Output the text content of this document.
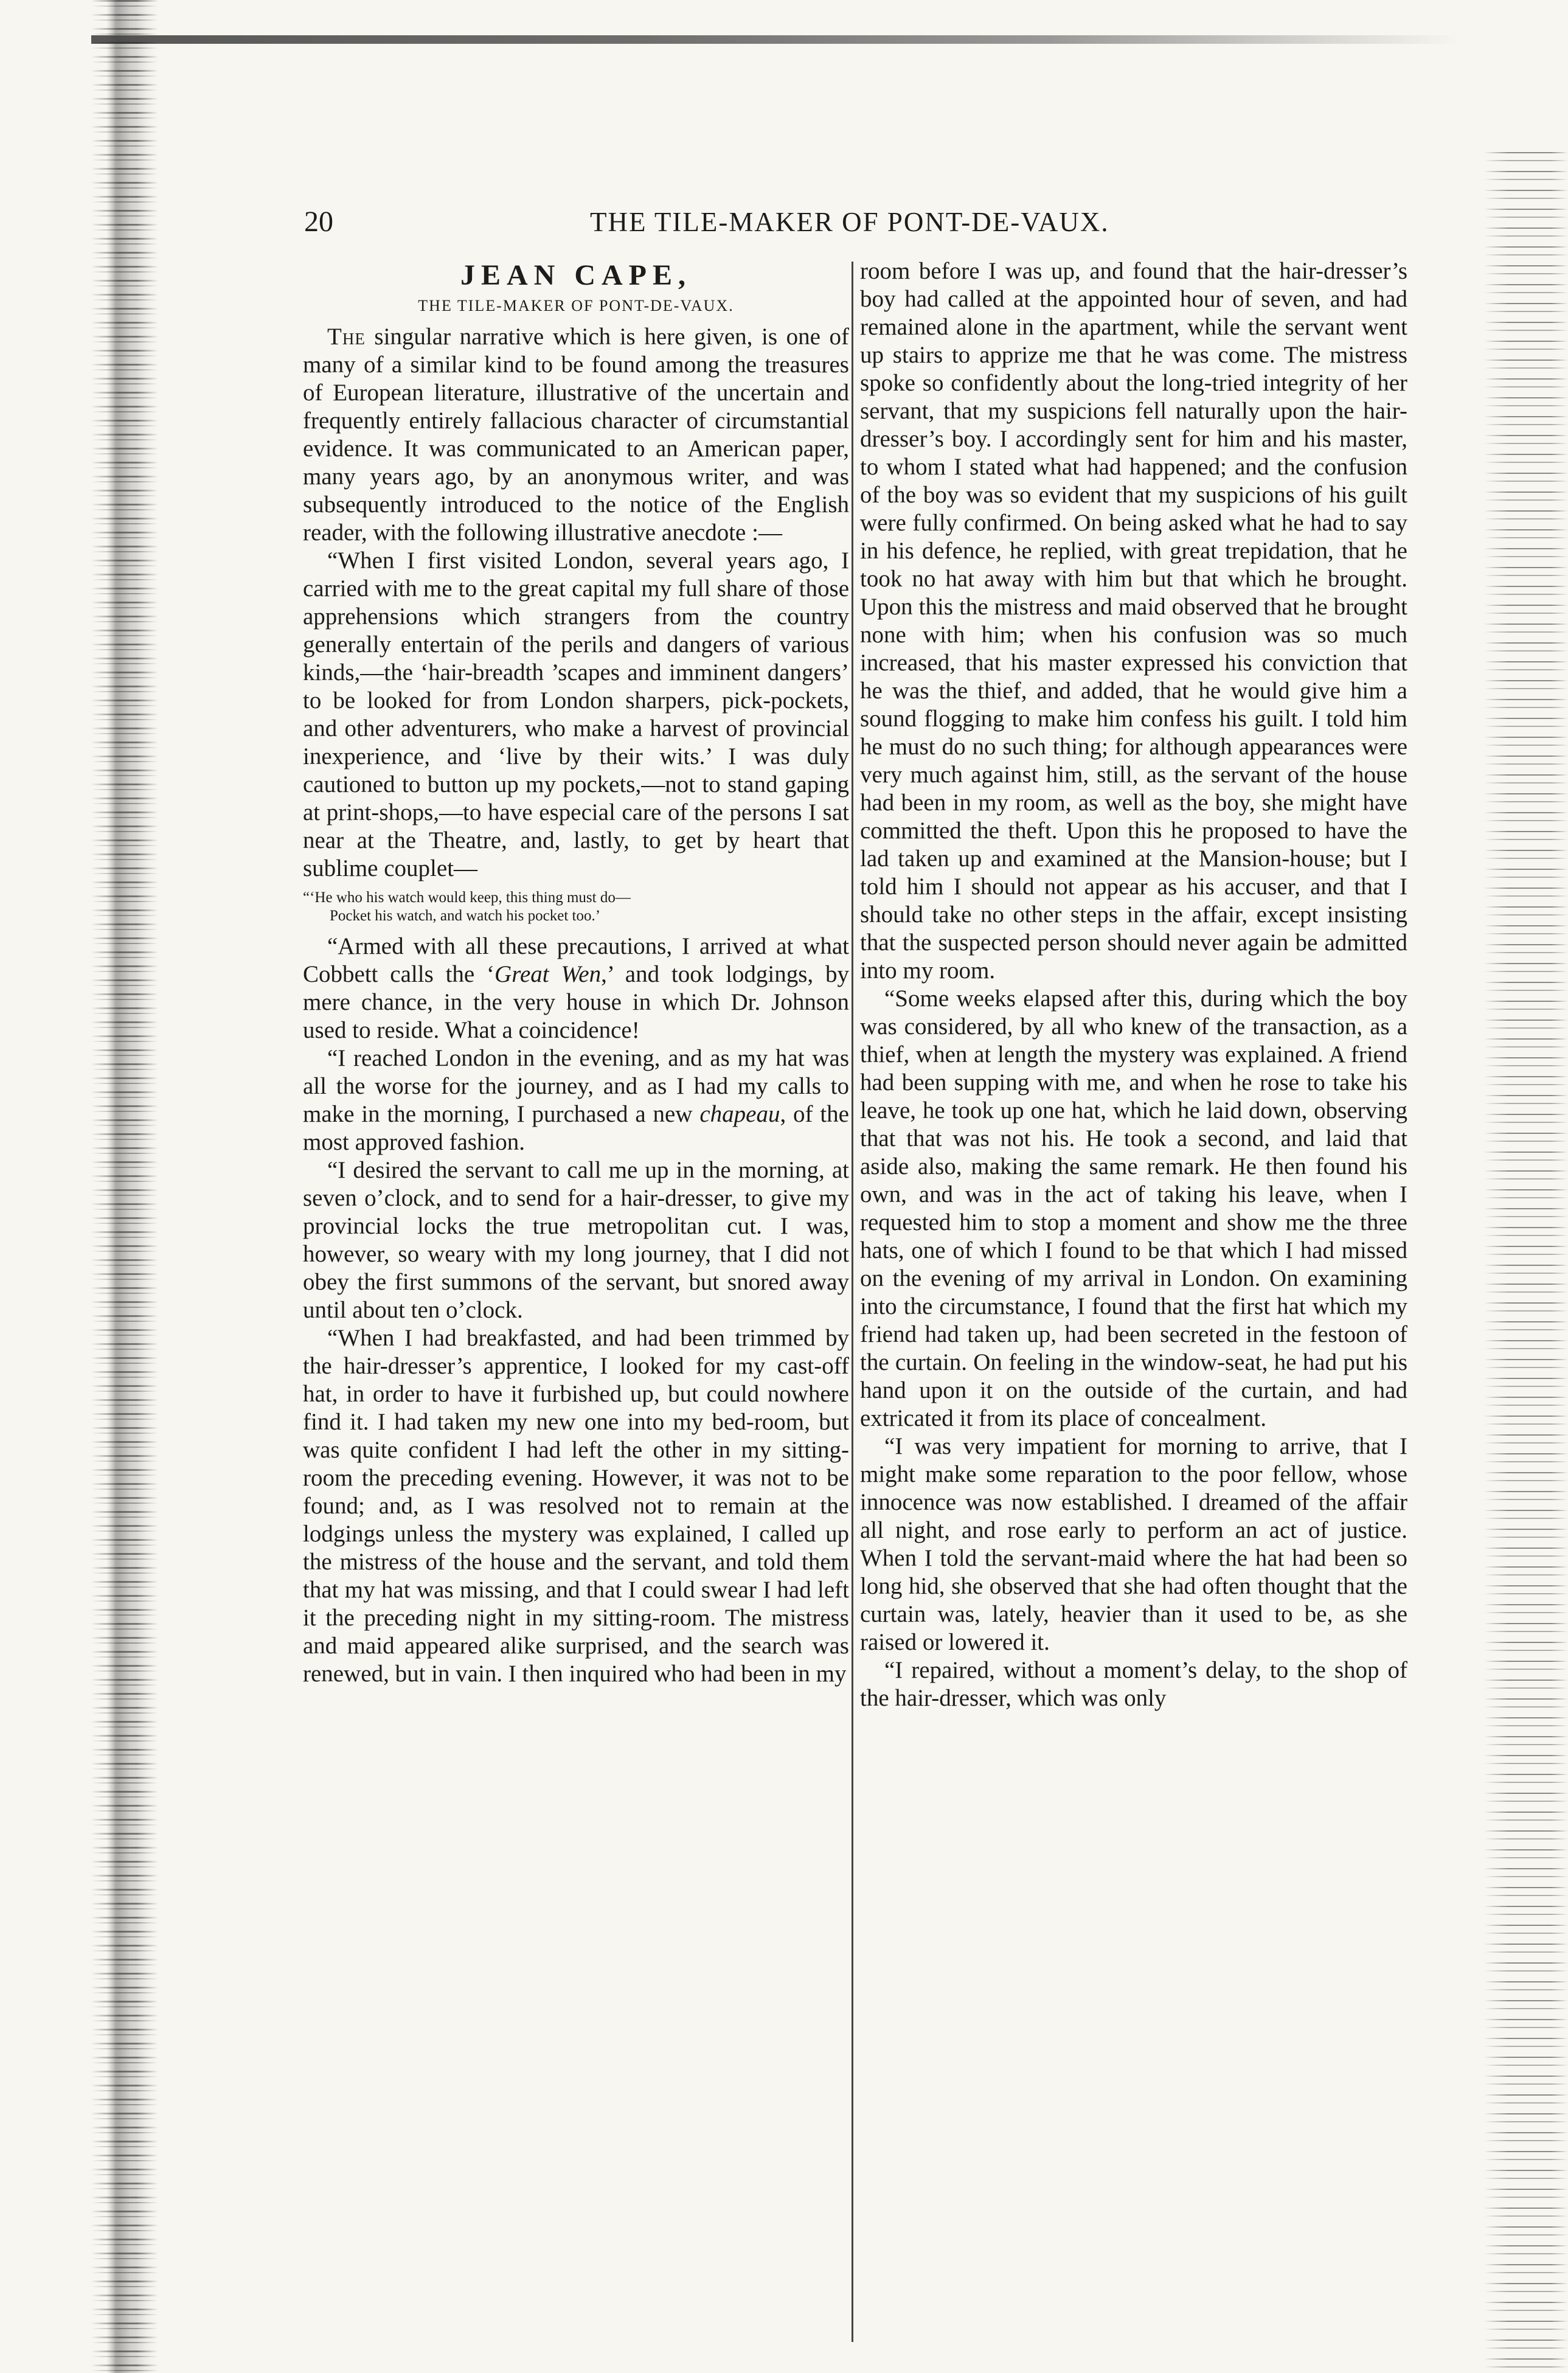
20	THE TILE-MAKER OF PONT-DE-VAUX.
JEAN CAPE,
THE TILE-MAKER OF PONT-DE-VAUX.

The singular narrative which is here given, is one of many of a similar kind to be found among the treasures of European literature, illustrative of the uncertain and frequently entirely fallacious character of circumstantial evidence. It was communicated to an American paper, many years ago, by an anonymous writer, and was subsequently introduced to the notice of the English reader, with the following illustrative anecdote :—

“When I first visited London, several years ago, I carried with me to the great capital my full share of those apprehensions which strangers from the country generally entertain of the perils and dangers of various kinds,—the ‘hair-breadth ’scapes and imminent dangers’ to be looked for from London sharpers, pick-pockets, and other adventurers, who make a harvest of provincial inexperience, and ‘live by their wits.’ I was duly cautioned to button up my pockets,—not to stand gaping at print-shops,—to have especial care of the persons I sat near at the Theatre, and, lastly, to get by heart that sublime couplet—

“‘He who his watch would keep, this thing must do—
Pocket his watch, and watch his pocket too.’

“Armed with all these precautions, I arrived at what Cobbett calls the ‘Great Wen,’ and took lodgings, by mere chance, in the very house in which Dr. Johnson used to reside. What a coincidence!

“I reached London in the evening, and as my hat was all the worse for the journey, and as I had my calls to make in the morning, I purchased a new chapeau, of the most approved fashion.

“I desired the servant to call me up in the morning, at seven o’clock, and to send for a hair-dresser, to give my provincial locks the true metropolitan cut. I was, however, so weary with my long journey, that I did not obey the first summons of the servant, but snored away until about ten o’clock.

“When I had breakfasted, and had been trimmed by the hair-dresser’s apprentice, I looked for my cast-off hat, in order to have it furbished up, but could nowhere find it. I had taken my new one into my bed-room, but was quite confident I had left the other in my sitting-room the preceding evening. However, it was not to be found; and, as I was resolved not to remain at the lodgings unless the mystery was explained, I called up the mistress of the house and the servant, and told them that my hat was missing, and that I could swear I had left it the preceding night in my sitting-room. The mistress and maid appeared alike surprised, and the search was renewed, but in vain. I then inquired who had been in my

room before I was up, and found that the hair-dresser’s boy had called at the appointed hour of seven, and had remained alone in the apartment, while the servant went up stairs to apprize me that he was come. The mistress spoke so confidently about the long-tried integrity of her servant, that my suspicions fell naturally upon the hair-dresser’s boy. I accordingly sent for him and his master, to whom I stated what had happened; and the confusion of the boy was so evident that my suspicions of his guilt were fully confirmed. On being asked what he had to say in his defence, he replied, with great trepidation, that he took no hat away with him but that which he brought. Upon this the mistress and maid observed that he brought none with him; when his confusion was so much increased, that his master expressed his conviction that he was the thief, and added, that he would give him a sound flogging to make him confess his guilt. I told him he must do no such thing; for although appearances were very much against him, still, as the servant of the house had been in my room, as well as the boy, she might have committed the theft. Upon this he proposed to have the lad taken up and examined at the Mansion-house; but I told him I should not appear as his accuser, and that I should take no other steps in the affair, except insisting that the suspected person should never again be admitted into my room.

“Some weeks elapsed after this, during which the boy was considered, by all who knew of the transaction, as a thief, when at length the mystery was explained. A friend had been supping with me, and when he rose to take his leave, he took up one hat, which he laid down, observing that that was not his. He took a second, and laid that aside also, making the same remark. He then found his own, and was in the act of taking his leave, when I requested him to stop a moment and show me the three hats, one of which I found to be that which I had missed on the evening of my arrival in London. On examining into the circumstance, I found that the first hat which my friend had taken up, had been secreted in the festoon of the curtain. On feeling in the window-seat, he had put his hand upon it on the outside of the curtain, and had extricated it from its place of concealment.

“I was very impatient for morning to arrive, that I might make some reparation to the poor fellow, whose innocence was now established. I dreamed of the affair all night, and rose early to perform an act of justice. When I told the servant-maid where the hat had been so long hid, she observed that she had often thought that the curtain was, lately, heavier than it used to be, as she raised or lowered it.

“I repaired, without a moment’s delay, to the shop of the hair-dresser, which was only
